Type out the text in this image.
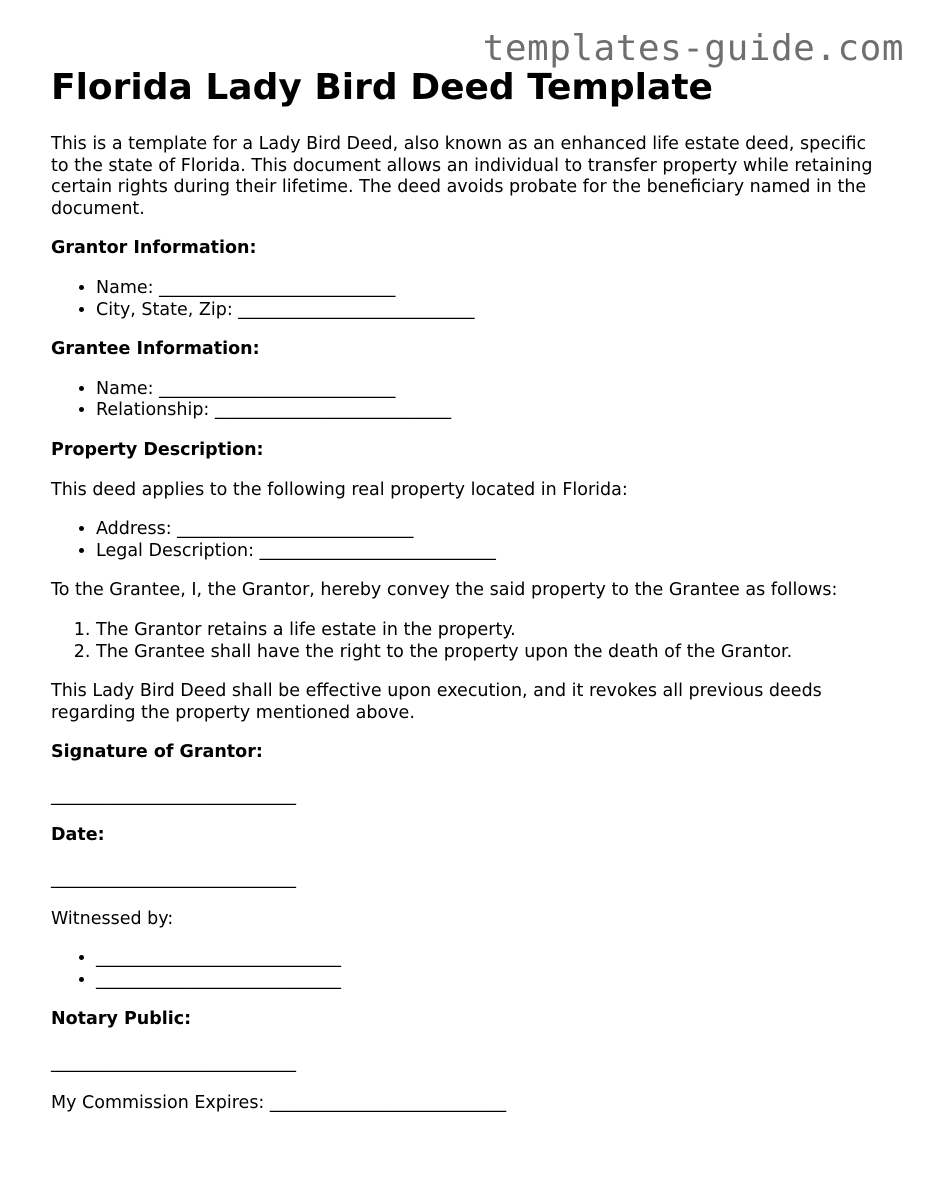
templates-guide.com
Florida Lady Bird Deed Template

This is a template for a Lady Bird Deed, also known as an enhanced life estate deed, specific to the state of Florida. This document allows an individual to transfer property while retaining certain rights during their lifetime. The deed avoids probate for the beneficiary named in the document.

Grantor Information:
• Name: ___________________________
• City, State, Zip: ___________________________
Grantee Information:
• Name: ___________________________
• Relationship: ___________________________
Property Description:

This deed applies to the following real property located in Florida:

• Address: ___________________________
• Legal Description: ___________________________

To the Grantee, I, the Grantor, hereby convey the said property to the Grantee as follows:

1. The Grantor retains a life estate in the property.
2. The Grantee shall have the right to the property upon the death of the Grantor.

This Lady Bird Deed shall be effective upon execution, and it revokes all previous deeds regarding the property mentioned above.

Signature of Grantor:

____________________________

Date:

____________________________

Witnessed by:

• ____________________________
• ____________________________
Notary Public:

____________________________

My Commission Expires: ___________________________
